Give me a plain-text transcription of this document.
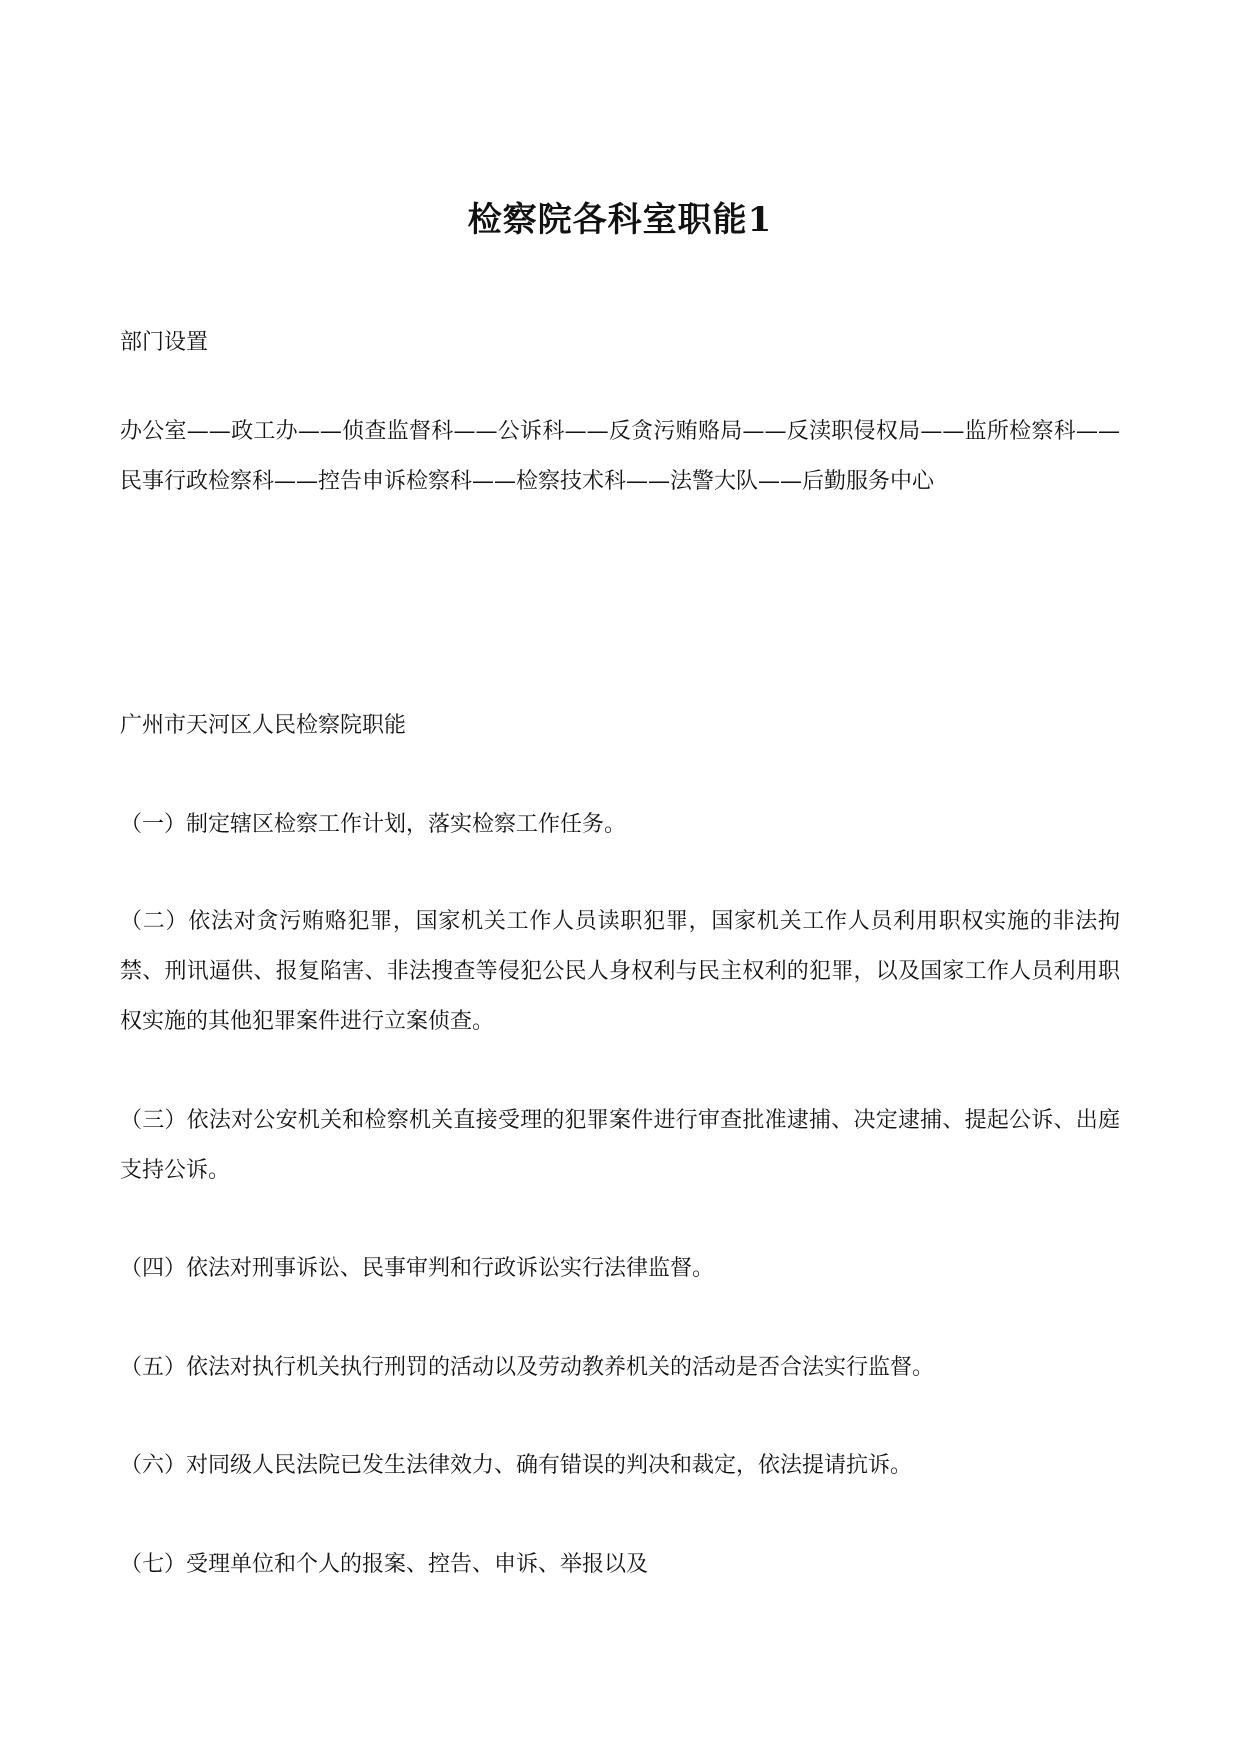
检察院各科室职能1

部门设置

办公室——政工办——侦查监督科——公诉科——反贪污贿赂局——反渎职侵权局——监所检察科——民事行政检察科——控告申诉检察科——检察技术科——法警大队——后勤服务中心

广州市天河区人民检察院职能

（一）制定辖区检察工作计划，落实检察工作任务。

（二）依法对贪污贿赂犯罪，国家机关工作人员读职犯罪，国家机关工作人员利用职权实施的非法拘禁、刑讯逼供、报复陷害、非法搜查等侵犯公民人身权利与民主权利的犯罪，以及国家工作人员利用职权实施的其他犯罪案件进行立案侦查。

（三）依法对公安机关和检察机关直接受理的犯罪案件进行审查批准逮捕、决定逮捕、提起公诉、出庭支持公诉。

（四）依法对刑事诉讼、民事审判和行政诉讼实行法律监督。

（五）依法对执行机关执行刑罚的活动以及劳动教养机关的活动是否合法实行监督。

（六）对同级人民法院已发生法律效力、确有错误的判决和裁定，依法提请抗诉。

（七）受理单位和个人的报案、控告、申诉、举报以及
